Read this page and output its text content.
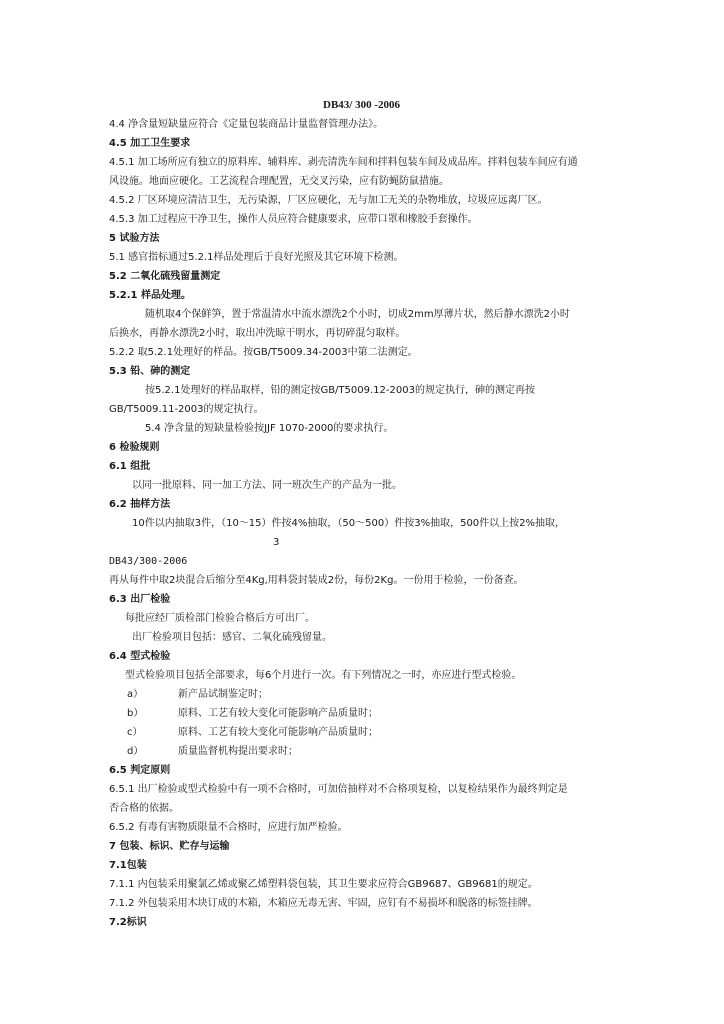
DB43/ 300 -2006
4.4 净含量短缺量应符合《定量包装商品计量监督管理办法》。
4.5 加工卫生要求
4.5.1 加工场所应有独立的原料库、辅料库、剥壳清洗车间和拌料包装车间及成品库。拌料包装车间应有通
风设施。地面应硬化。工艺流程合理配置，无交叉污染，应有防蝇防鼠措施。
4.5.2 厂区环境应清洁卫生，无污染源，厂区应硬化，无与加工无关的杂物堆放，垃圾应远离厂区。
4.5.3 加工过程应干净卫生，操作人员应符合健康要求，应带口罩和橡胶手套操作。
5 试验方法
5.1 感官指标通过5.2.1样品处理后于良好光照及其它环境下检测。
5.2 二氧化硫残留量测定
5.2.1 样品处理。
随机取4个保鲜笋，置于常温清水中流水漂洗2个小时，切成2mm厚薄片状，然后静水漂洗2小时
后换水，再静水漂洗2小时，取出冲洗晾干明水，再切碎混匀取样。
5.2.2 取5.2.1处理好的样品。按GB/T5009.34-2003中第二法测定。
5.3 铅、砷的测定
按5.2.1处理好的样品取样，铅的测定按GB/T5009.12-2003的规定执行，砷的测定再按
GB/T5009.11-2003的规定执行。
5.4 净含量的短缺量检验按JJF 1070-2000的要求执行。
6 检验规则
6.1 组批
以同一批原料、同一加工方法、同一班次生产的产品为一批。
6.2 抽样方法
10件以内抽取3件，（10～15）件按4%抽取，（50～500）件按3%抽取，500件以上按2%抽取，
3
DB43/300-2006
再从每件中取2块混合后缩分至4Kg,用料袋封装成2份，每份2Kg。一份用于检验，一份备查。
6.3 出厂检验
每批应经厂质检部门检验合格后方可出厂。
出厂检验项目包括：感官、二氧化硫残留量。
6.4 型式检验
型式检验项目包括全部要求，每6个月进行一次。有下列情况之一时，亦应进行型式检验。
a）	新产品试制鉴定时；
b）	原料、工艺有较大变化可能影响产品质量时；
c）	原料、工艺有较大变化可能影响产品质量时；
d）	质量监督机构提出要求时；
6.5 判定原则
6.5.1 出厂检验或型式检验中有一项不合格时，可加倍抽样对不合格项复检，以复检结果作为最终判定是
否合格的依据。
6.5.2 有毒有害物质限量不合格时，应进行加严检验。
7 包装、标识、贮存与运输
7.1包装
7.1.1 内包装采用聚氯乙烯或聚乙烯塑料袋包装，其卫生要求应符合GB9687、GB9681的规定。
7.1.2 外包装采用木块订成的木箱，木箱应无毒无害、牢固，应钉有不易损坏和脱落的标签挂牌。
7.2标识
